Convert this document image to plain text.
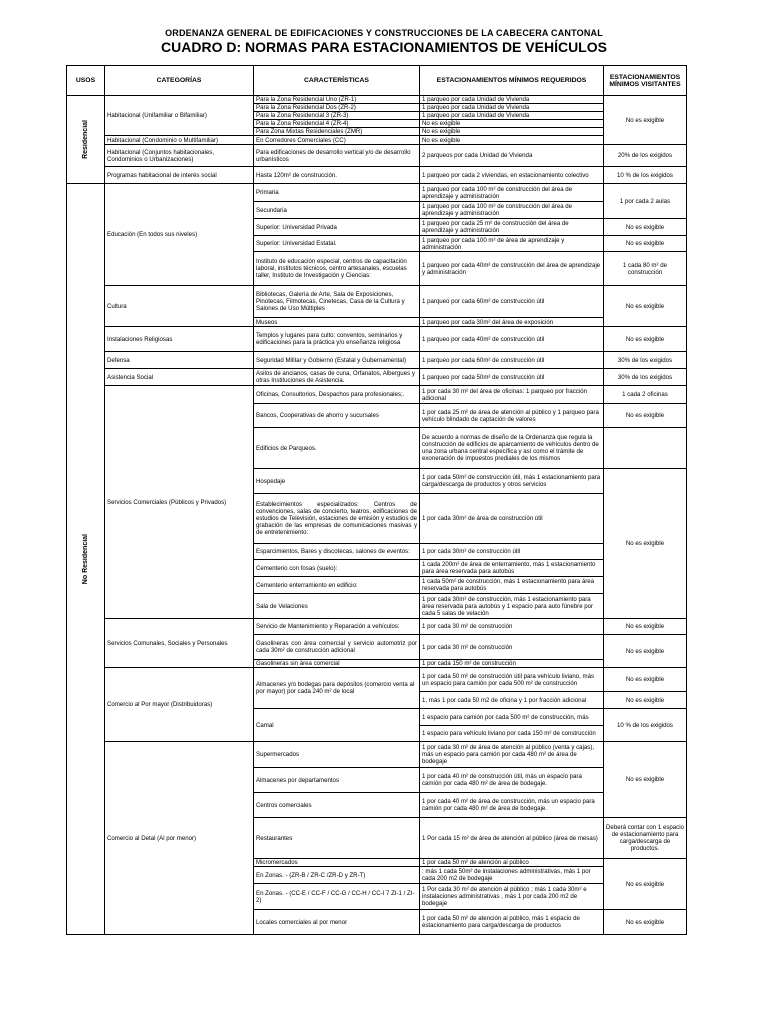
ORDENANZA GENERAL DE EDIFICACIONES Y CONSTRUCCIONES DE LA CABECERA CANTONAL
CUADRO D: NORMAS PARA ESTACIONAMIENTOS DE VEHÍCULOS
USOS	CATEGORÍAS	CARACTERÍSTICAS	ESTACIONAMIENTOS MÍNIMOS REQUERIDOS	ESTACIONAMIENTOS MÍNIMOS VISITANTES

Residencial	Habitacional (Unifamiliar o Bifamiliar)	Para la Zona Residencial Uno (ZR-1)	1 parqueo por cada Unidad de Vivienda	No es exigible
		Para la Zona Residencial Dos (ZR-2)	1 parqueo por cada Unidad de Vivienda	
		Para la Zona Residencial 3 (ZR-3)	1 parqueo por cada Unidad de Vivienda	
		Para la Zona Residencial 4 (ZR-4)	No es exigible	
		Para Zona Mixtas Residenciales (ZMR)	No es exigible	
	Habitacional (Condominio o Multifamiliar)	En Corredores Comerciales (CC)	No es exigible	
	Habitacional (Conjuntos habitacionales, Condominios o Urbanizaciones)	Para edificaciones de desarrollo vertical y/o de desarrollo urbanísticos	2 parqueos por cada Unidad de Vivienda	20% de los exigidos
	Programas habitacional de interés social	Hasta 120m² de construcción.	1 parqueo por cada 2 viviendas, en estacionamiento colectivo	10 % de los exigidos

No Residencial	Educación (En todos sus niveles)	Primaria	1 parqueo por cada 100 m² de construcción del área de aprendizaje y administración	1 por cada 2 aulas
		Secundaria	1 parqueo por cada 100 m² de construcción del área de aprendizaje y administración	
		Superior: Universidad Privada	1 parqueo por cada 25 m² de construcción del área de aprendizaje y administración	No es exigible
		Superior: Universidad Estatal.	1 parqueo por cada 100 m² de área de aprendizaje y administración	No es exigible
		Instituto de educación especial, centros de capacitación laboral, institutos técnicos, centro artesanales, escuelas taller, Instituto de Investigación y Ciencias:	1 parqueo por cada 40m² de construcción del área de aprendizaje y administración	1 cada 80 m² de construcción
	Cultura	Bibliotecas, Galería de Arte, Sala de Exposiciones, Pinotecas, Filmotecas, Cinetecas, Casa de la Cultura y Salones de Uso Múltiples	1 parqueo por cada 60m² de construcción útil	No es exigible
		Museos	1 parqueo por cada 30m² del área de exposición	
	Instalaciones Religiosas	Templos y lugares para culto: conventos, seminarios y edificaciones para la práctica y/o enseñanza religiosa	1 parqueo por cada 40m² de construcción útil	No es exigible
	Defensa	Seguridad Militar y Gobierno (Estatal y Gubernamental)	1 parqueo por cada 60m² de construcción útil	30% de los exigidos
	Asistencia Social	Asilos de ancianos, casas de cuna, Orfanatos, Albergues y otras Instituciones de Asistencia.	1 parqueo por cada 50m² de construcción útil	30% de los exigidos
	Servicios Comerciales (Públicos y Privados)	Oficinas, Consultorios, Despachos para profesionales;.	1 por cada 30 m² del área de oficinas: 1 parqueo por fracción adicional	1 cada 2 oficinas
		Bancos, Cooperativas de ahorro y sucursales	1 por cada 25 m² de área de atención al público y 1 parqueo para vehículo blindado de captación de valores	No es exigible
		Edificios de Parqueos.	De acuerdo a normas de diseño de la Ordenanza que regula la construcción de edificios de aparcamiento de vehículos dentro de una zona urbana central específica y así como el trámite de exoneración de impuestos prediales de los mismos	
		Hospedaje	1 por cada 50m² de construcción útil, más 1 estacionamiento para carga/descarga de productos y otros servicios	No es exigible
		Establecimientos especializados: Centros de convenciones, salas de concierto, teatros, edificaciones de estudios de Televisión, estaciones de emisión y estudios de grabación de las empresas de comunicaciones masivas y de entretenimiento:	1 por cada 30m² de área de construcción útil	
		Esparcimientos, Bares y discotecas, salones de eventos:	1 por cada 30m² de construcción útil	
		Cementerio con fosas (suelo):	1 cada 200m² de área de enterramiento, más 1 estacionamiento para área reservada para autobús	
		Cementerio enterramiento en edificio:	1 cada 50m² de construcción, más 1 estacionamiento para área reservada para autobús	
		Sala de Velaciones	1 por cada 30m² de construcción, más 1 estacionamiento para área reservada para autobús y 1 espacio para auto fúnebre por cada 5 salas de velación	
	Servicios Comunales, Sociales y Personales	Servicio de Mantenimiento y Reparación a vehículos:	1 por cada 30 m² de construcción	No es exigible
		Gasolineras con área comercial y servicio automotriz por cada 30m² de construcción adicional	1 por cada 30 m² de construcción	No es exigible
		Gasolineras sin área comercial	1 por cada 150 m² de construcción	
	Comercio al Por mayor (Distribuidoras)	Almacenes y/o bodegas para depósitos (comercio venta al por mayor) por cada 240 m² de local	1 por cada 50 m² de construcción útil para vehículo liviano, más un espacio para camión por cada 500 m² de construcción	No es exigible
			1, más 1 por cada 50 m2 de oficina y 1 por fracción adicional	No es exigible
		Camal	1 espacio para camión por cada 500 m² de construcción, más	10 % de los exigidos
			1 espacio para vehículo liviano por cada 150 m² de construcción	
	Comercio al Detal (Al por menor)	Supermercados	1 por cada 30 m² de área de atención al público (venta y cajas), más un espacio para camión por cada 480 m² de área de bodegaje	No es exigible
		Almacenes por departamentos	1 por cada 40 m² de construcción útil, más un espacio para camión por cada 480 m² de área de bodegaje.	
		Centros comerciales	1 por cada 40 m² de área de construcción, más un espacio para camión por cada 480 m² de área de bodegaje.	
		Restaurantes	1 Por cada 15 m² de área de atención al público (área de mesas)	Deberá contar con 1 espacio de estacionamiento para carga/descarga de productos.
		Micromercados	1 por cada 50 m² de atención al público	No es exigible
		En Zonas. - (ZR-B / ZR-C /ZR-D y ZR-T)	: más 1 cada 50m² de instalaciones administrativas, más 1 por cada 200 m2 de bodegaje	
		En Zonas. - (CC-E / CC-F / CC-G / CC-H / CC-I 7 ZI-1 / ZI-2)	1 Por cada 30 m² de atención al público ; más 1 cada 30m² e instalaciones administrativas , más 1 por cada 200 m2 de bodegaje	
		Locales comerciales al por menor	1 por cada 50 m² de atención al público, más 1 espacio de estacionamiento para carga/descarga de productos	No es exigible
